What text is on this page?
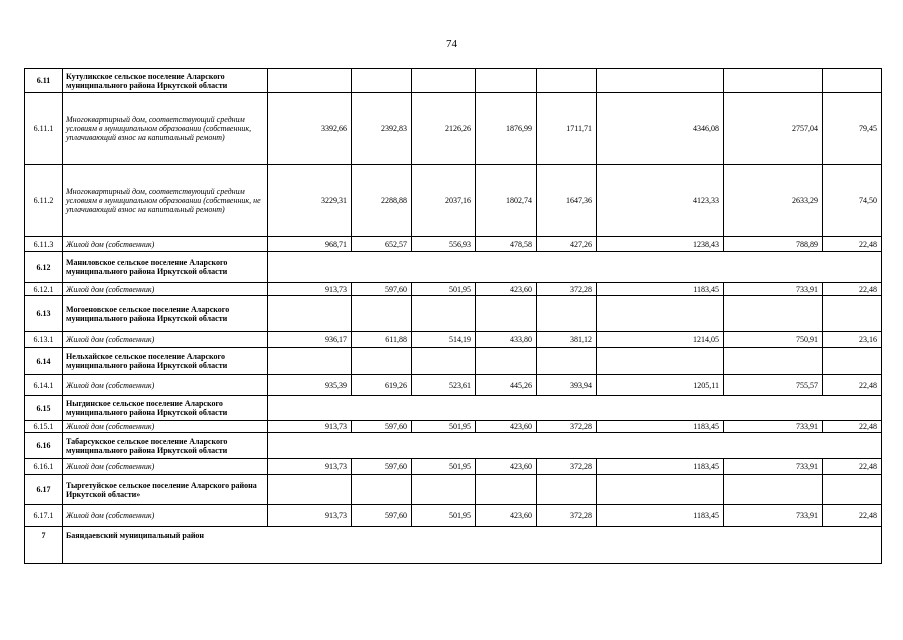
74
6.11	Кутуликское сельское поселение Аларского муниципального района Иркутской области								
6.11.1	Многоквартирный дом, соответствующий средним условиям в муниципальном образовании (собственник, уплачивающий взнос на капитальный ремонт)	3392,66	2392,83	2126,26	1876,99	1711,71	4346,08	2757,04	79,45
6.11.2	Многоквартирный дом, соответствующий средним условиям в муниципальном образовании (собственник, не уплачивающий взнос на капитальный ремонт)	3229,31	2288,88	2037,16	1802,74	1647,36	4123,33	2633,29	74,50
6.11.3	Жилой дом (собственник)	968,71	652,57	556,93	478,58	427,26	1238,43	788,89	22,48
6.12	Маниловское сельское поселение Аларского муниципального района Иркутской области								
6.12.1	Жилой дом (собственник)	913,73	597,60	501,95	423,60	372,28	1183,45	733,91	22,48
6.13	Могоеновское сельское поселение Аларского муниципального района Иркутской области								
6.13.1	Жилой дом (собственник)	936,17	611,88	514,19	433,80	381,12	1214,05	750,91	23,16
6.14	Нельхайское сельское поселение Аларского муниципального района Иркутской области								
6.14.1	Жилой дом (собственник)	935,39	619,26	523,61	445,26	393,94	1205,11	755,57	22,48
6.15	Ныгдинское сельское поселение Аларского муниципального района Иркутской области								
6.15.1	Жилой дом (собственник)	913,73	597,60	501,95	423,60	372,28	1183,45	733,91	22,48
6.16	Табарсукское сельское поселение Аларского муниципального района Иркутской области								
6.16.1	Жилой дом (собственник)	913,73	597,60	501,95	423,60	372,28	1183,45	733,91	22,48
6.17	Тыргетуйское сельское поселение Аларского района Иркутской области»								
6.17.1	Жилой дом (собственник)	913,73	597,60	501,95	423,60	372,28	1183,45	733,91	22,48
7	Баяндаевский муниципальный район								
